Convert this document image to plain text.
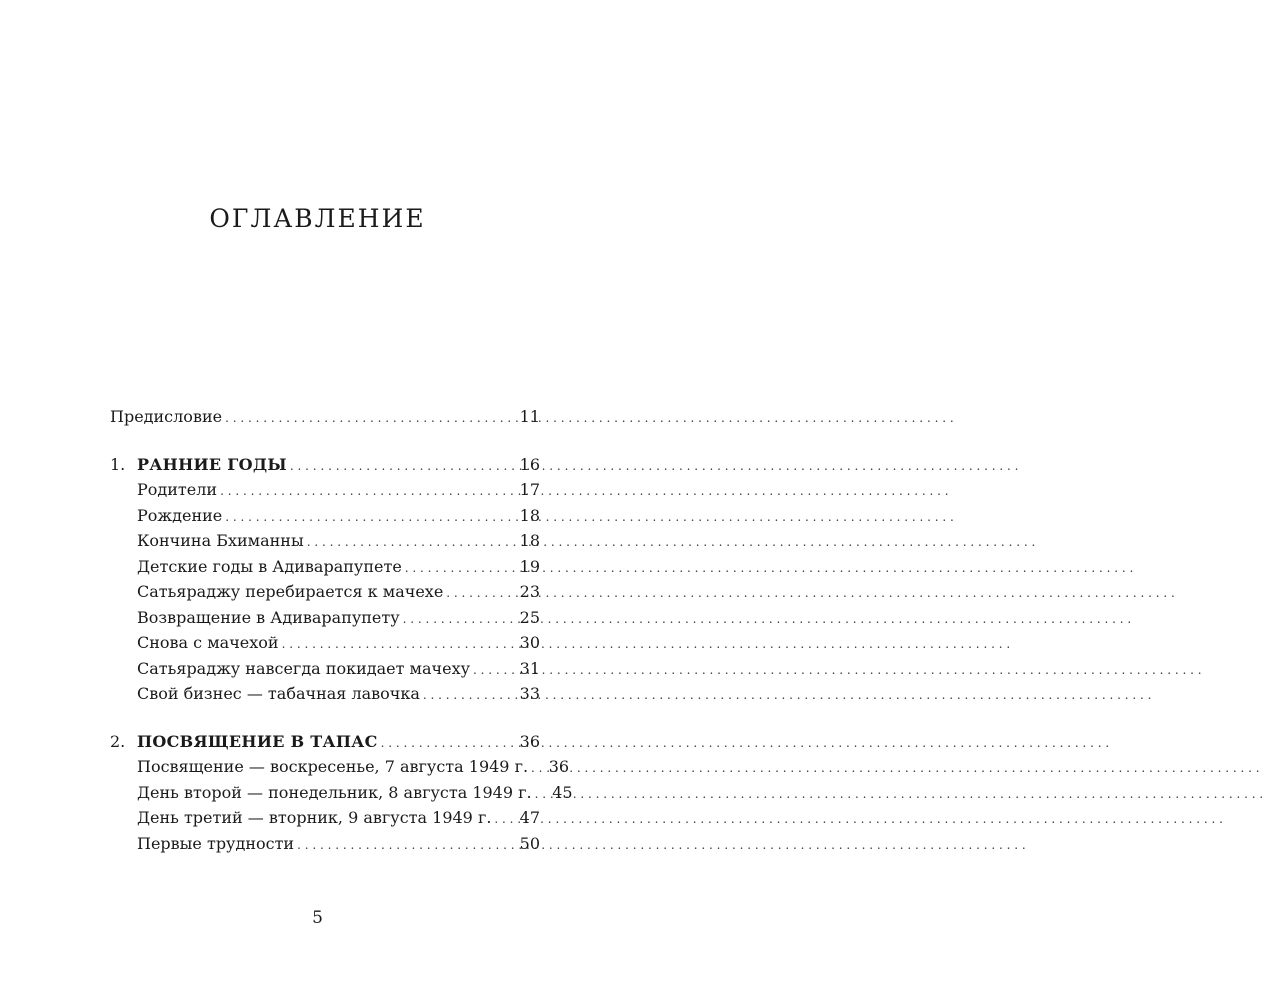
ОГЛАВЛЕНИЕ
Предисловие . . .	11
1. РАННИЕ ГОДЫ . . .	16
Родители . . .	17
Рождение . . .	18
Кончина Бхиманны . . .	18
Детские годы в Адиварапупете . . .	19
Сатьяраджу перебирается к мачехе . . .	23
Возвращение в Адиварапупету . . .	25
Снова с мачехой . . .	30
Сатьяраджу навсегда покидает мачеху . . .	31
Свой бизнес — табачная лавочка . . .	33
2. ПОСВЯЩЕНИЕ В ТАПАС . . .	36
Посвящение — воскресенье, 7 августа 1949 г. . . . 36
День второй — понедельник, 8 августа 1949 г. . . . 45
День третий — вторник, 9 августа 1949 г. . . . 47
Первые трудности . . .	50
5
